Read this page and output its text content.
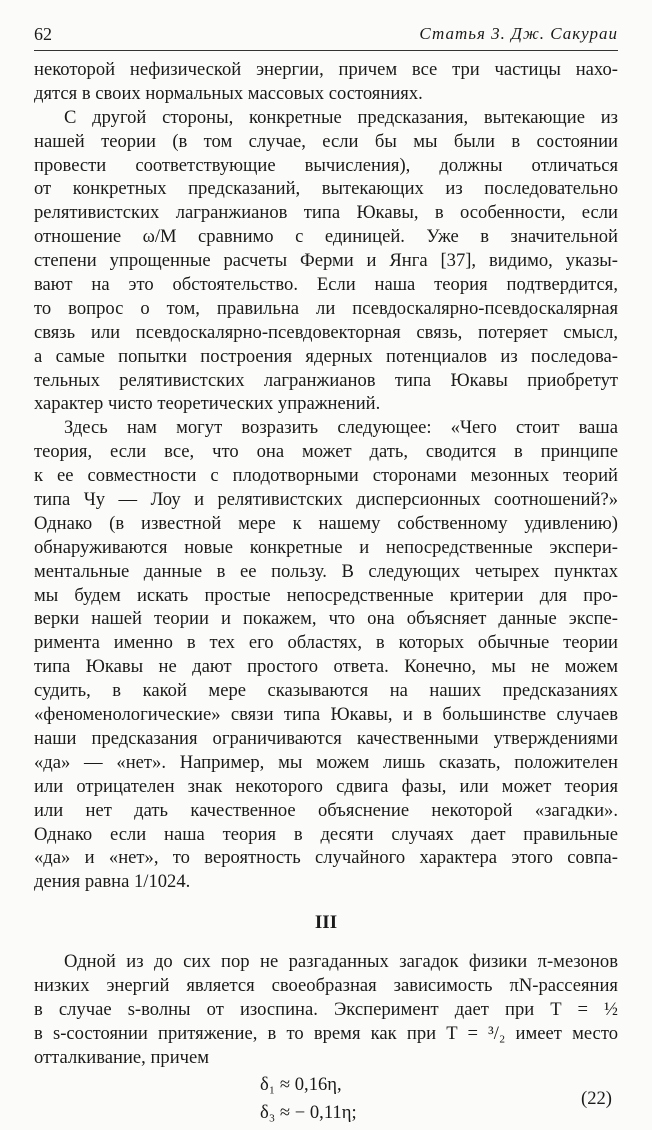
62	Статья 3. Дж. Сакураи
некоторой нефизической энергии, причем все три частицы нахо-
дятся в своих нормальных массовых состояниях.
С другой стороны, конкретные предсказания, вытекающие из
нашей теории (в том случае, если бы мы были в состоянии
провести соответствующие вычисления), должны отличаться
от конкретных предсказаний, вытекающих из последовательно
релятивистских лагранжианов типа Юкавы, в особенности, если
отношение ω/M сравнимо с единицей. Уже в значительной
степени упрощенные расчеты Ферми и Янга [37], видимо, указы-
вают на это обстоятельство. Если наша теория подтвердится,
то вопрос о том, правильна ли псевдоскалярно-псевдоскалярная
связь или псевдоскалярно-псевдовекторная связь, потеряет смысл,
а самые попытки построения ядерных потенциалов из последова-
тельных релятивистских лагранжианов типа Юкавы приобретут
характер чисто теоретических упражнений.
Здесь нам могут возразить следующее: «Чего стоит ваша
теория, если все, что она может дать, сводится в принципе
к ее совместности с плодотворными сторонами мезонных теорий
типа Чу — Лоу и релятивистских дисперсионных соотношений?»
Однако (в известной мере к нашему собственному удивлению)
обнаруживаются новые конкретные и непосредственные экспери-
ментальные данные в ее пользу. В следующих четырех пунктах
мы будем искать простые непосредственные критерии для про-
верки нашей теории и покажем, что она объясняет данные экспе-
римента именно в тех его областях, в которых обычные теории
типа Юкавы не дают простого ответа. Конечно, мы не можем
судить, в какой мере сказываются на наших предсказаниях
«феноменологические» связи типа Юкавы, и в большинстве случаев
наши предсказания ограничиваются качественными утверждениями
«да» — «нет». Например, мы можем лишь сказать, положителен
или отрицателен знак некоторого сдвига фазы, или может теория
или нет дать качественное объяснение некоторой «загадки».
Однако если наша теория в десяти случаях дает правильные
«да» и «нет», то вероятность случайного характера этого совпа-
дения равна 1/1024.
III
Одной из до сих пор не разгаданных загадок физики π-мезонов
низких энергий является своеобразная зависимость πN-рассеяния
в случае s-волны от изоспина. Эксперимент дает при T = ½
в s-состоянии притяжение, в то время как при T = ³/₂ имеет место
отталкивание, причем
δ₁ ≈ 0,16η,
δ₃ ≈ − 0,11η;
(22)
